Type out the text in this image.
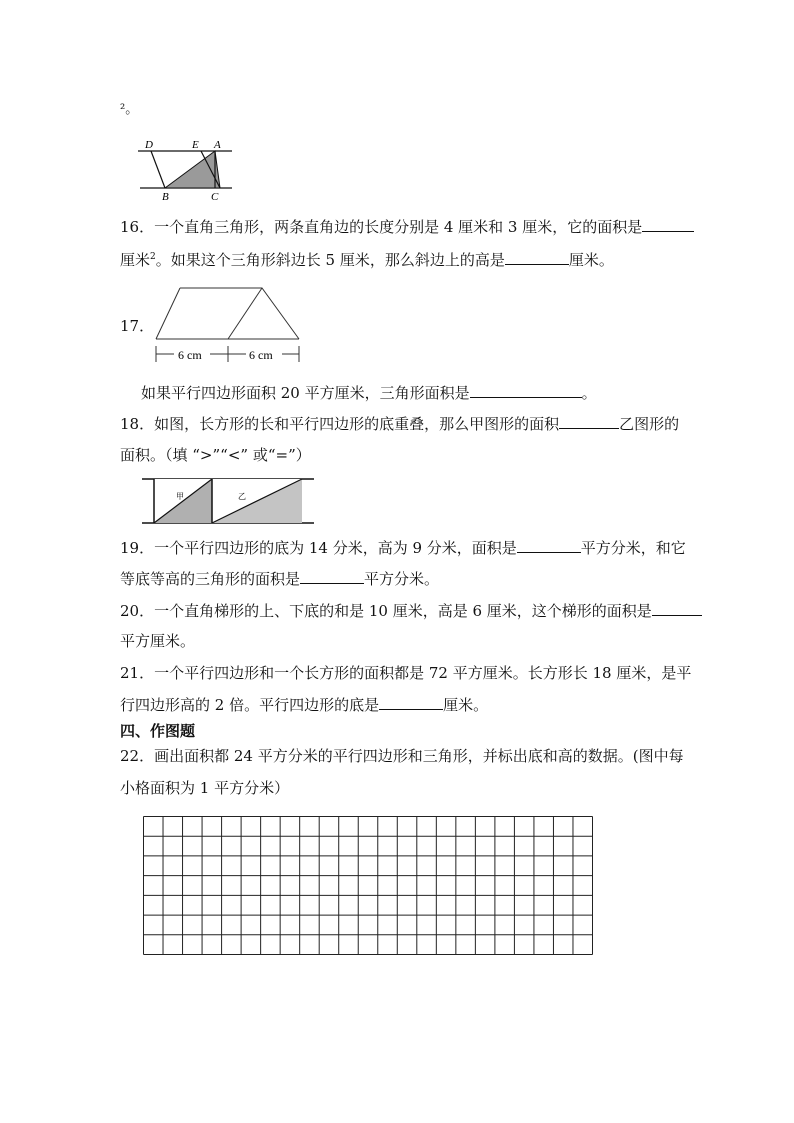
²。
D	E A
B	C
16．一个直角三角形，两条直角边的长度分别是 4 厘米和 3 厘米，它的面积是
厘米$^2$。如果这个三角形斜边长 5 厘米，那么斜边上的高是	厘米。
17．
6 cm	6 cm
如果平行四边形面积 20 平方厘米，三角形面积是	。
18．如图，长方形的长和平行四边形的底重叠，那么甲图形的面积	乙图形的
面积。（填 “>”“<” 或“=”）
甲	乙
19．一个平行四边形的底为 14 分米，高为 9 分米，面积是	平方分米，和它
等底等高的三角形的面积是	平方分米。
20．一个直角梯形的上、下底的和是 10 厘米，高是 6 厘米，这个梯形的面积是
平方厘米。
21．一个平行四边形和一个长方形的面积都是 72 平方厘米。长方形长 18 厘米，是平
行四边形高的 2 倍。平行四边形的底是	厘米。
四、作图题
22．画出面积都 24 平方分米的平行四边形和三角形，并标出底和高的数据。(图中每
小格面积为 1 平方分米）
